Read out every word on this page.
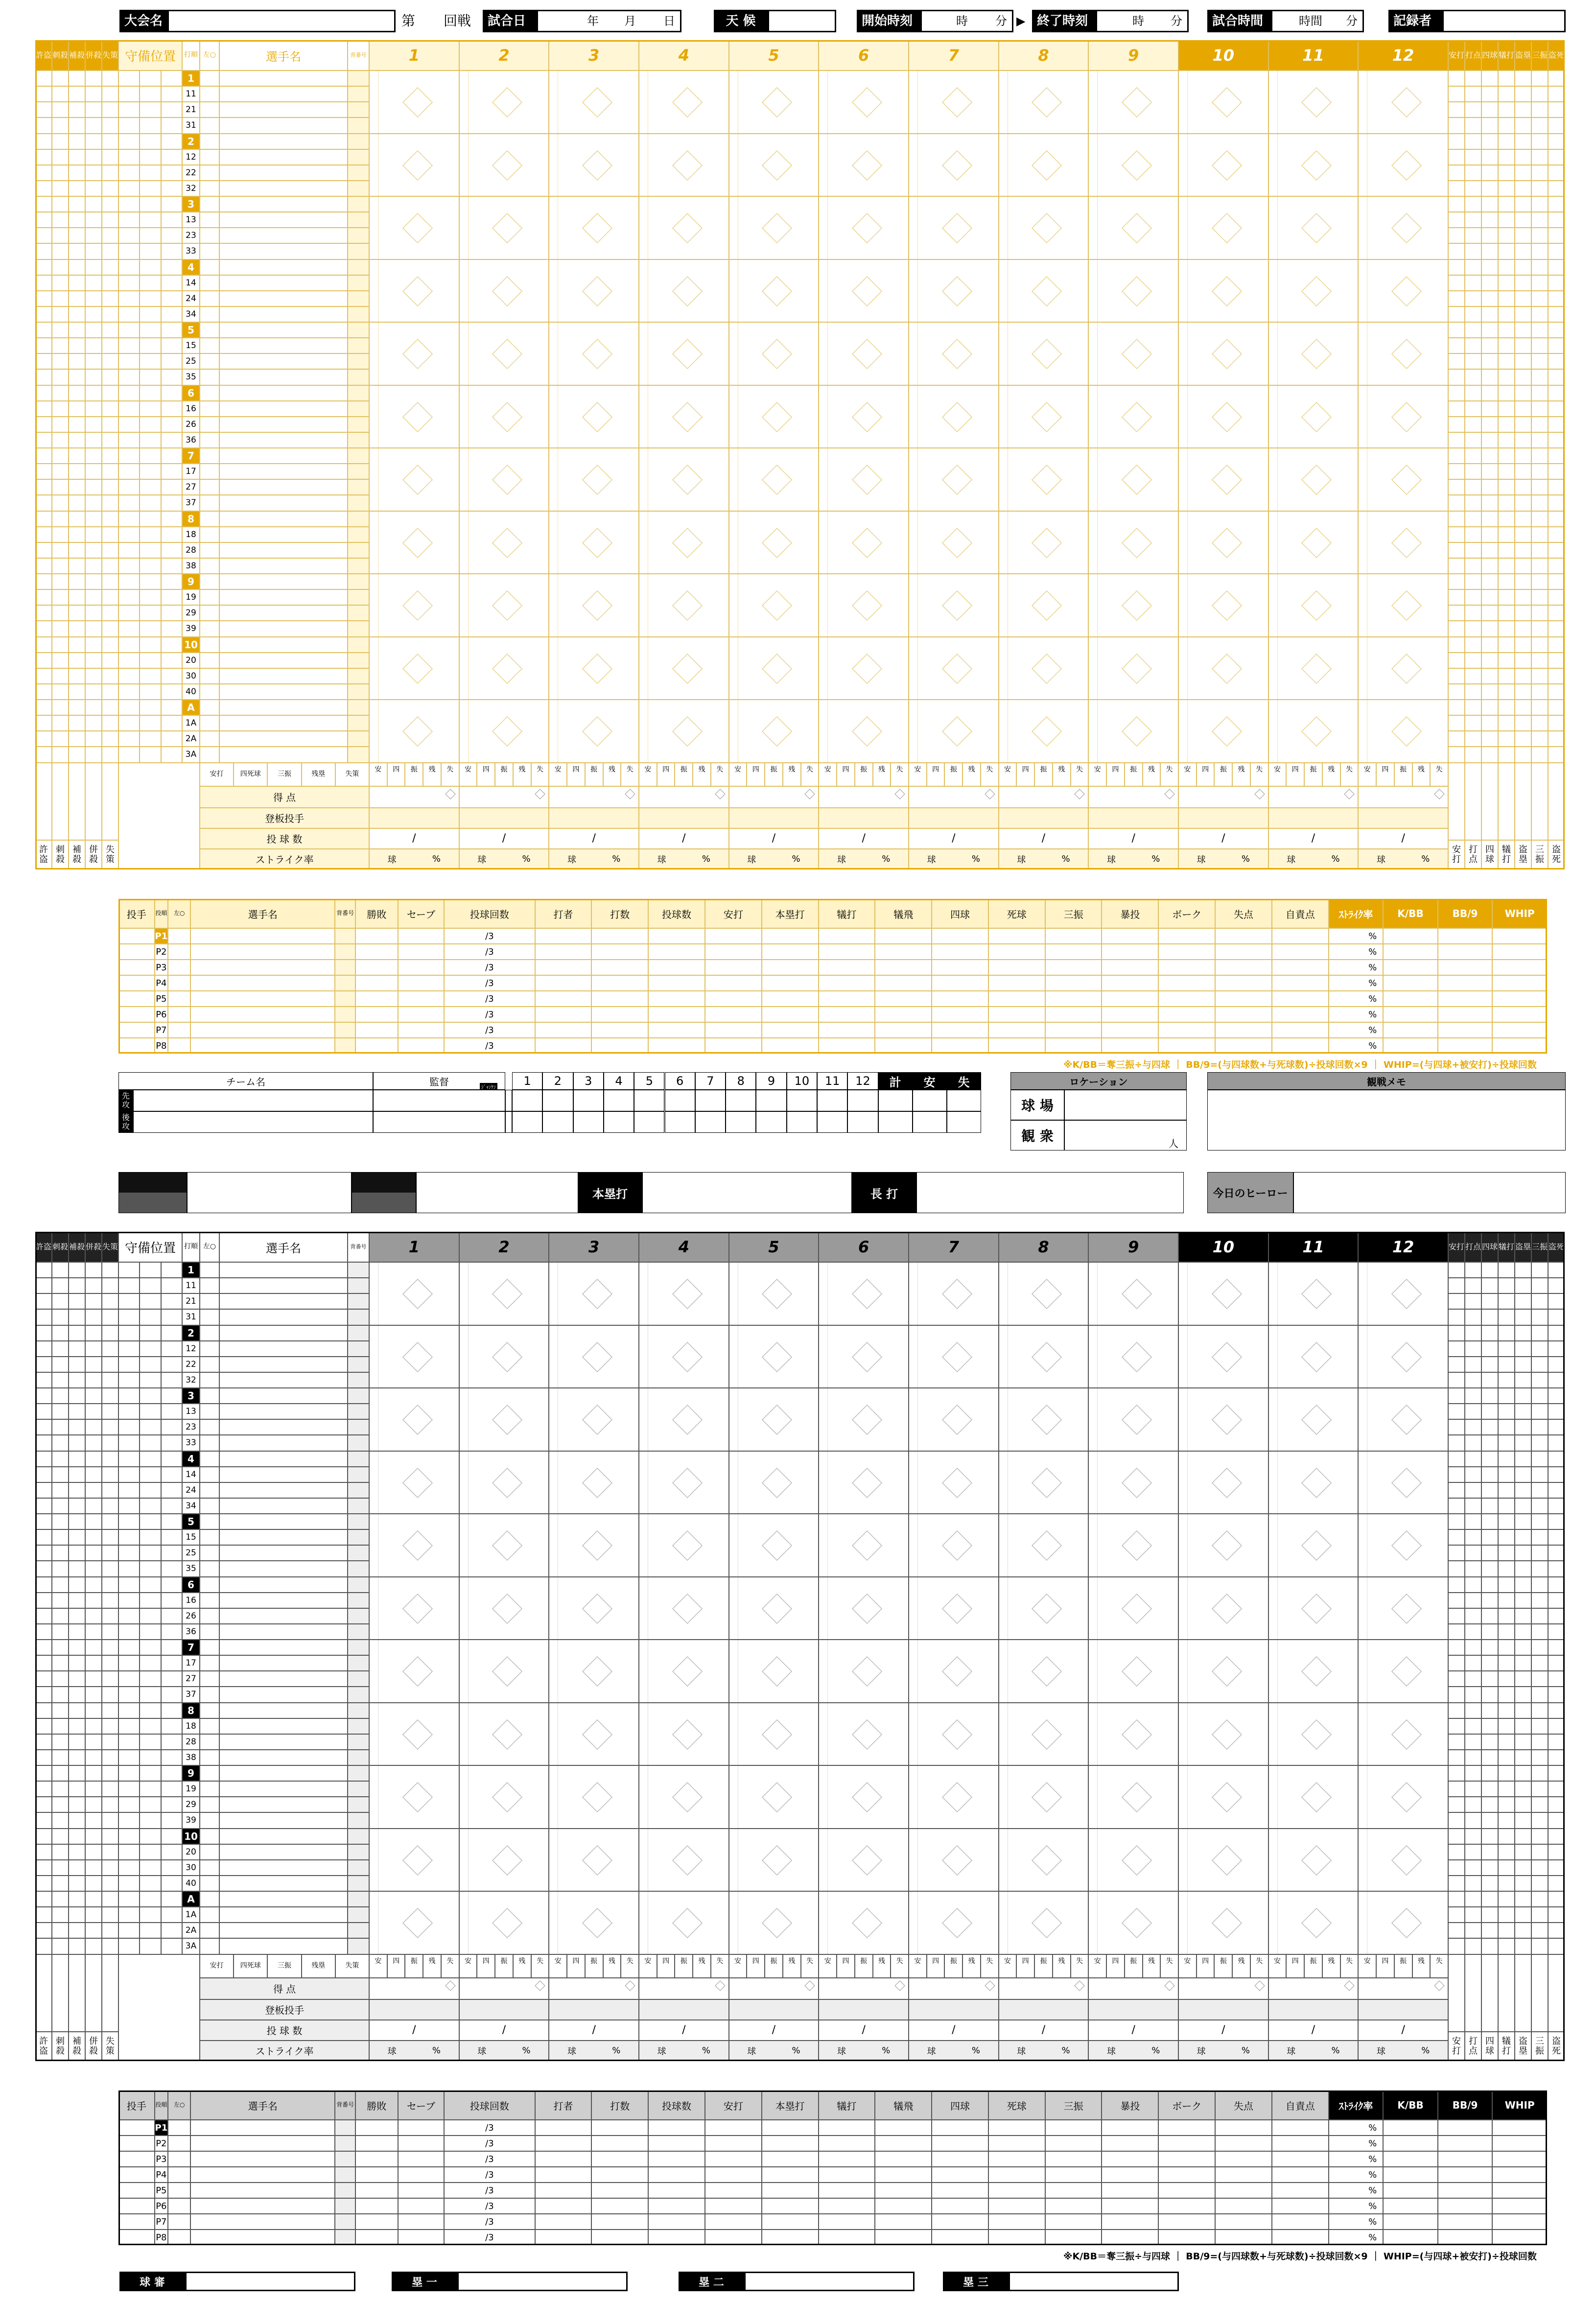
大会名	第 回戦	試合日	年 月 日	天 候	開始時刻	時 分 ▶ 終了時刻	時 分	試合時間	時間 分	記録者
許盗 刺殺 補殺 併殺 失策 守備位置	打順 左○	選手名	背番号	1	2	3	4	5	6	7	8	9	10	11	12	安打 打点 四球 犠打 盗塁 三振 盗死
1
11
21
31
2
12
22
32
3
13
23
33
4
14
24
34
5
15
25
35
6
16
26
36
7
17
27
37
8
18
28
38
9
19
29
39
10
20
30
40
A
1A
2A
3A
許盗
刺殺
補殺
併殺
失策
安打	四死球	三振	残塁	失策
得 点
登板投手
投 球 数
ストライク率
安	四	振	残	失
/
球	%
安	四	振	残	失
/
球	%
安	四	振	残	失
/
球	%
安	四	振	残	失
/
球	%
安	四	振	残	失
/
球	%
安	四	振	残	失
/
球	%
安	四	振	残	失
/
球	%
安	四	振	残	失
/
球	%
安	四	振	残	失
/
球	%
安	四	振	残	失
/
球	%
安	四	振	残	失
/
球	%
安	四	振	残	失
/
球	%
安打
打点
四球
犠打
盗塁
三振
盗死
投手	投順	左○	選手名	背番号	勝敗	セーブ	投球回数	打者	打数	投球数	安打	本塁打	犠打	犠飛	四球	死球	三振	暴投	ボーク	失点	自責点	ｽﾄﾗｲｸ率	K/BB	BB/9	WHIP
P1	/3	%
P2	/3	%
P3	/3	%
P4	/3	%
P5	/3	%
P6	/3	%
P7	/3	%
P8	/3	%
※K/BB＝奪三振÷与四球 ｜ BB/9=(与四球数+与死球数)÷投球回数×9 ｜ WHIP=(与四球+被安打)÷投球回数
チーム名	監督	ｼﾞｬﾝｹﾝ	1	2	3	4	5	6	7	8	9	10	11	12	計	安	失
先攻
後攻
ロケーション
球 場
観 衆	人
観戦メモ
本塁打	長 打	今日のヒーロー
許盗 刺殺 補殺 併殺 失策 守備位置	打順 左○	選手名	背番号	1	2	3	4	5	6	7	8	9	10	11	12	安打 打点 四球 犠打 盗塁 三振 盗死
1
11
21
31
2
12
22
32
3
13
23
33
4
14
24
34
5
15
25
35
6
16
26
36
7
17
27
37
8
18
28
38
9
19
29
39
10
20
30
40
A
1A
2A
3A
許盗
刺殺
補殺
併殺
失策
安打	四死球	三振	残塁	失策
得 点
登板投手
投 球 数
ストライク率
安	四	振	残	失
/
球	%
安	四	振	残	失
/
球	%
安	四	振	残	失
/
球	%
安	四	振	残	失
/
球	%
安	四	振	残	失
/
球	%
安	四	振	残	失
/
球	%
安	四	振	残	失
/
球	%
安	四	振	残	失
/
球	%
安	四	振	残	失
/
球	%
安	四	振	残	失
/
球	%
安	四	振	残	失
/
球	%
安	四	振	残	失
/
球	%
安打
打点
四球
犠打
盗塁
三振
盗死
投手	投順	左○	選手名	背番号	勝敗	セーブ	投球回数	打者	打数	投球数	安打	本塁打	犠打	犠飛	四球	死球	三振	暴投	ボーク	失点	自責点	ｽﾄﾗｲｸ率	K/BB	BB/9	WHIP
P1	/3	%
P2	/3	%
P3	/3	%
P4	/3	%
P5	/3	%
P6	/3	%
P7	/3	%
P8	/3	%
※K/BB＝奪三振÷与四球 ｜ BB/9=(与四球数+与死球数)÷投球回数×9 ｜ WHIP=(与四球+被安打)÷投球回数
球 審	塁 一	塁 二	塁 三
